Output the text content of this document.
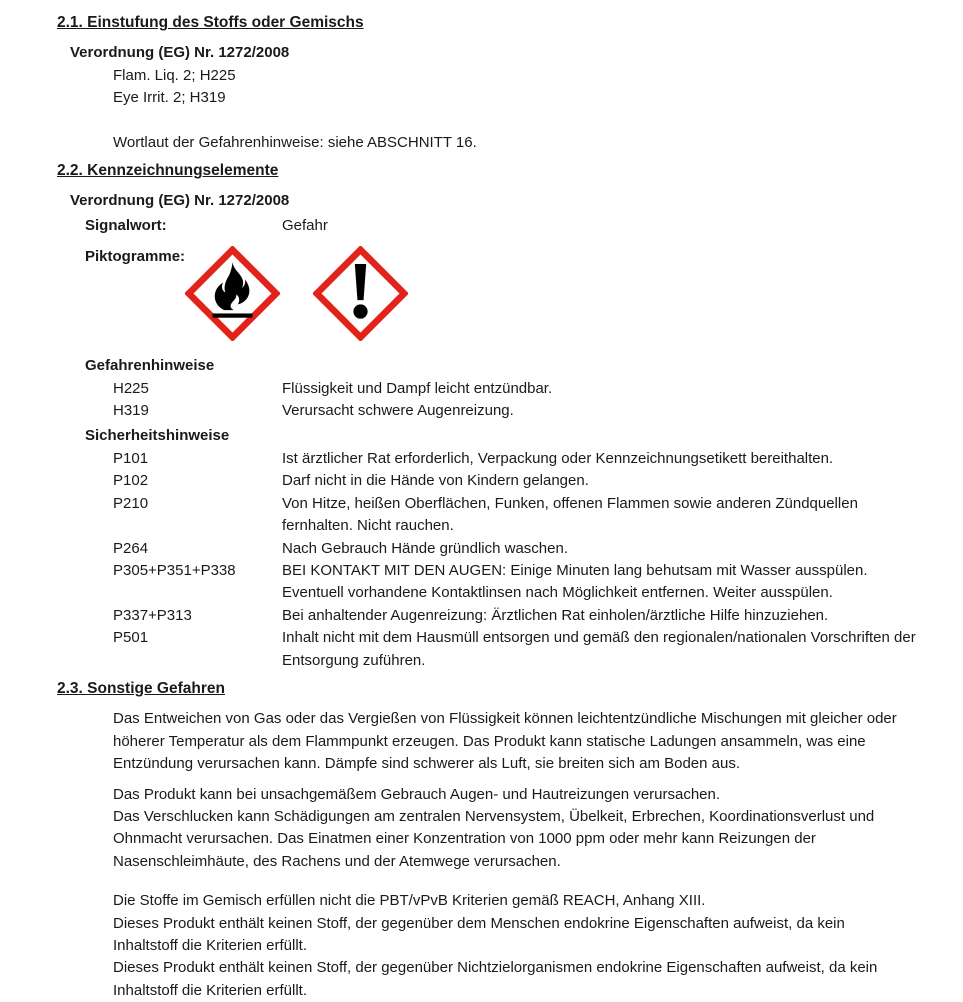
2.1. Einstufung des Stoffs oder Gemischs
Verordnung (EG) Nr. 1272/2008
Flam. Liq. 2; H225
Eye Irrit. 2; H319
Wortlaut der Gefahrenhinweise: siehe ABSCHNITT 16.
2.2. Kennzeichnungselemente
Verordnung (EG) Nr. 1272/2008
Signalwort:	Gefahr
Piktogramme:
Gefahrenhinweise
H225	Flüssigkeit und Dampf leicht entzündbar.
H319	Verursacht schwere Augenreizung.
Sicherheitshinweise
P101	Ist ärztlicher Rat erforderlich, Verpackung oder Kennzeichnungsetikett bereithalten.
P102	Darf nicht in die Hände von Kindern gelangen.
P210	Von Hitze, heißen Oberflächen, Funken, offenen Flammen sowie anderen Zündquellen fernhalten. Nicht rauchen.
P264	Nach Gebrauch Hände gründlich waschen.
P305+P351+P338	BEI KONTAKT MIT DEN AUGEN: Einige Minuten lang behutsam mit Wasser ausspülen. Eventuell vorhandene Kontaktlinsen nach Möglichkeit entfernen. Weiter ausspülen.
P337+P313	Bei anhaltender Augenreizung: Ärztlichen Rat einholen/ärztliche Hilfe hinzuziehen.
P501	Inhalt nicht mit dem Hausmüll entsorgen und gemäß den regionalen/nationalen Vorschriften der Entsorgung zuführen.
2.3. Sonstige Gefahren

Das Entweichen von Gas oder das Vergießen von Flüssigkeit können leichtentzündliche Mischungen mit gleicher oder höherer Temperatur als dem Flammpunkt erzeugen. Das Produkt kann statische Ladungen ansammeln, was eine Entzündung verursachen kann. Dämpfe sind schwerer als Luft, sie breiten sich am Boden aus.

Das Produkt kann bei unsachgemäßem Gebrauch Augen- und Hautreizungen verursachen.

Das Verschlucken kann Schädigungen am zentralen Nervensystem, Übelkeit, Erbrechen, Koordinationsverlust und Ohnmacht verursachen. Das Einatmen einer Konzentration von 1000 ppm oder mehr kann Reizungen der Nasenschleimhäute, des Rachens und der Atemwege verursachen.

Die Stoffe im Gemisch erfüllen nicht die PBT/vPvB Kriterien gemäß REACH, Anhang XIII.

Dieses Produkt enthält keinen Stoff, der gegenüber dem Menschen endokrine Eigenschaften aufweist, da kein Inhaltstoff die Kriterien erfüllt.

Dieses Produkt enthält keinen Stoff, der gegenüber Nichtzielorganismen endokrine Eigenschaften aufweist, da kein Inhaltstoff die Kriterien erfüllt.
